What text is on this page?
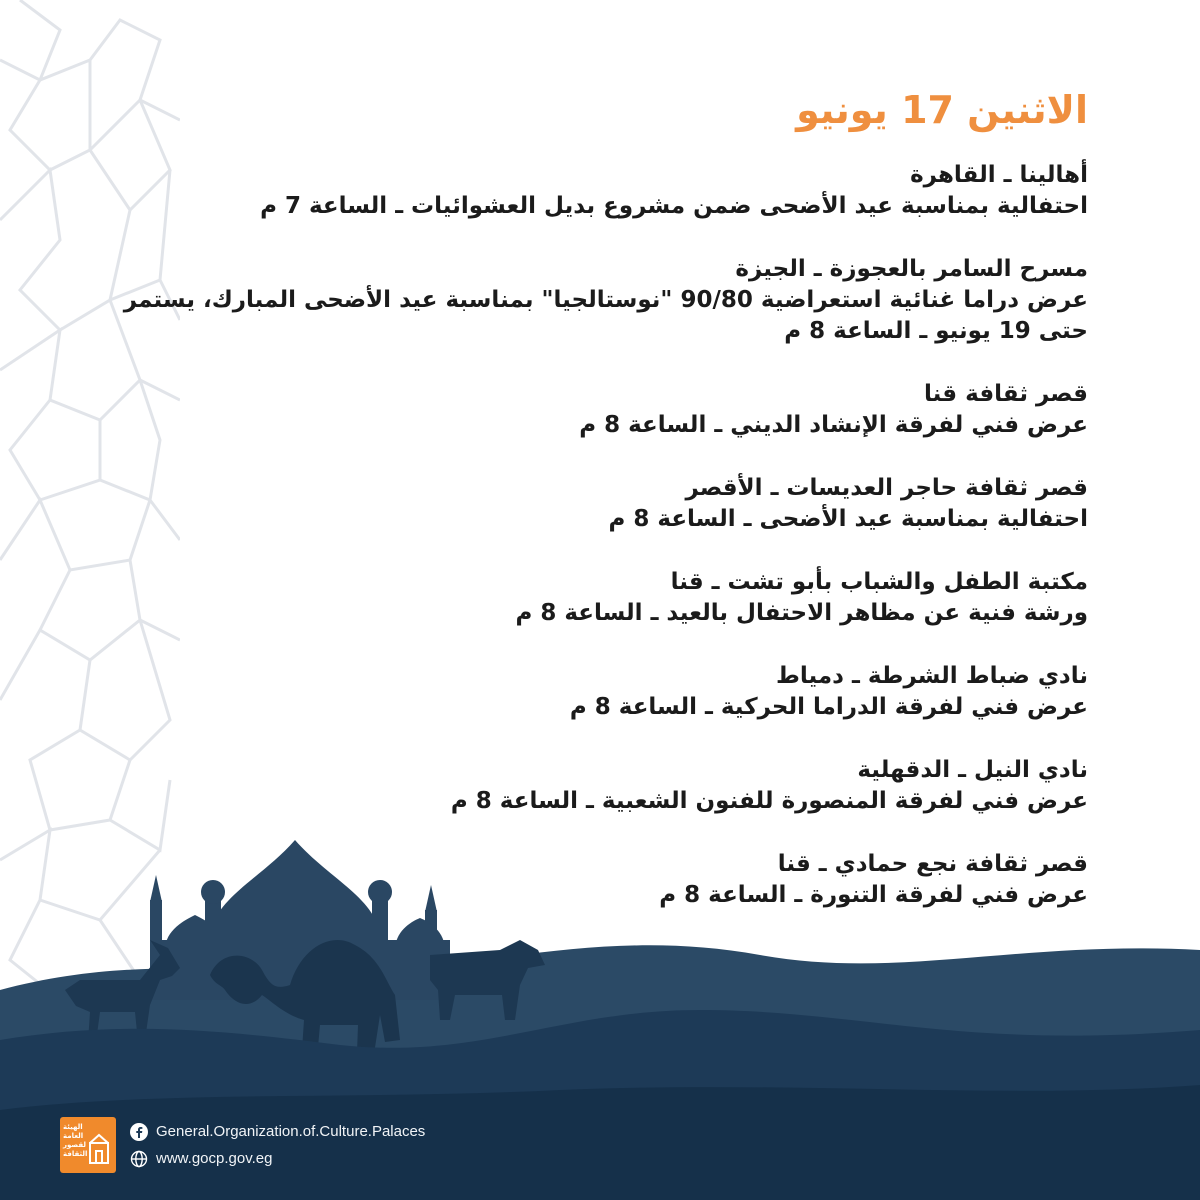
الاثنين 17 يونيو
أهالينا ـ القاهرة
احتفالية بمناسبة عيد الأضحى ضمن مشروع بديل العشوائيات ـ الساعة 7 م
مسرح السامر بالعجوزة ـ الجيزة
عرض دراما غنائية استعراضية 90/80 "نوستالجيا" بمناسبة عيد الأضحى المبارك، يستمر حتى 19 يونيو ـ الساعة 8 م
قصر ثقافة قنا
عرض فني لفرقة الإنشاد الديني ـ الساعة 8 م
قصر ثقافة حاجر العديسات ـ الأقصر
احتفالية بمناسبة عيد الأضحى ـ الساعة 8 م
مكتبة الطفل والشباب بأبو تشت ـ قنا
ورشة فنية عن مظاهر الاحتفال بالعيد ـ الساعة 8 م
نادي ضباط الشرطة ـ دمياط
عرض فني لفرقة الدراما الحركية ـ الساعة 8 م
نادي النيل ـ الدقهلية
عرض فني لفرقة المنصورة للفنون الشعبية ـ الساعة 8 م
قصر ثقافة نجع حمادي ـ قنا
عرض فني لفرقة التنورة ـ الساعة 8 م
الهيئة العامة لقصور الثقافة
General.Organization.of.Culture.Palaces
www.gocp.gov.eg
